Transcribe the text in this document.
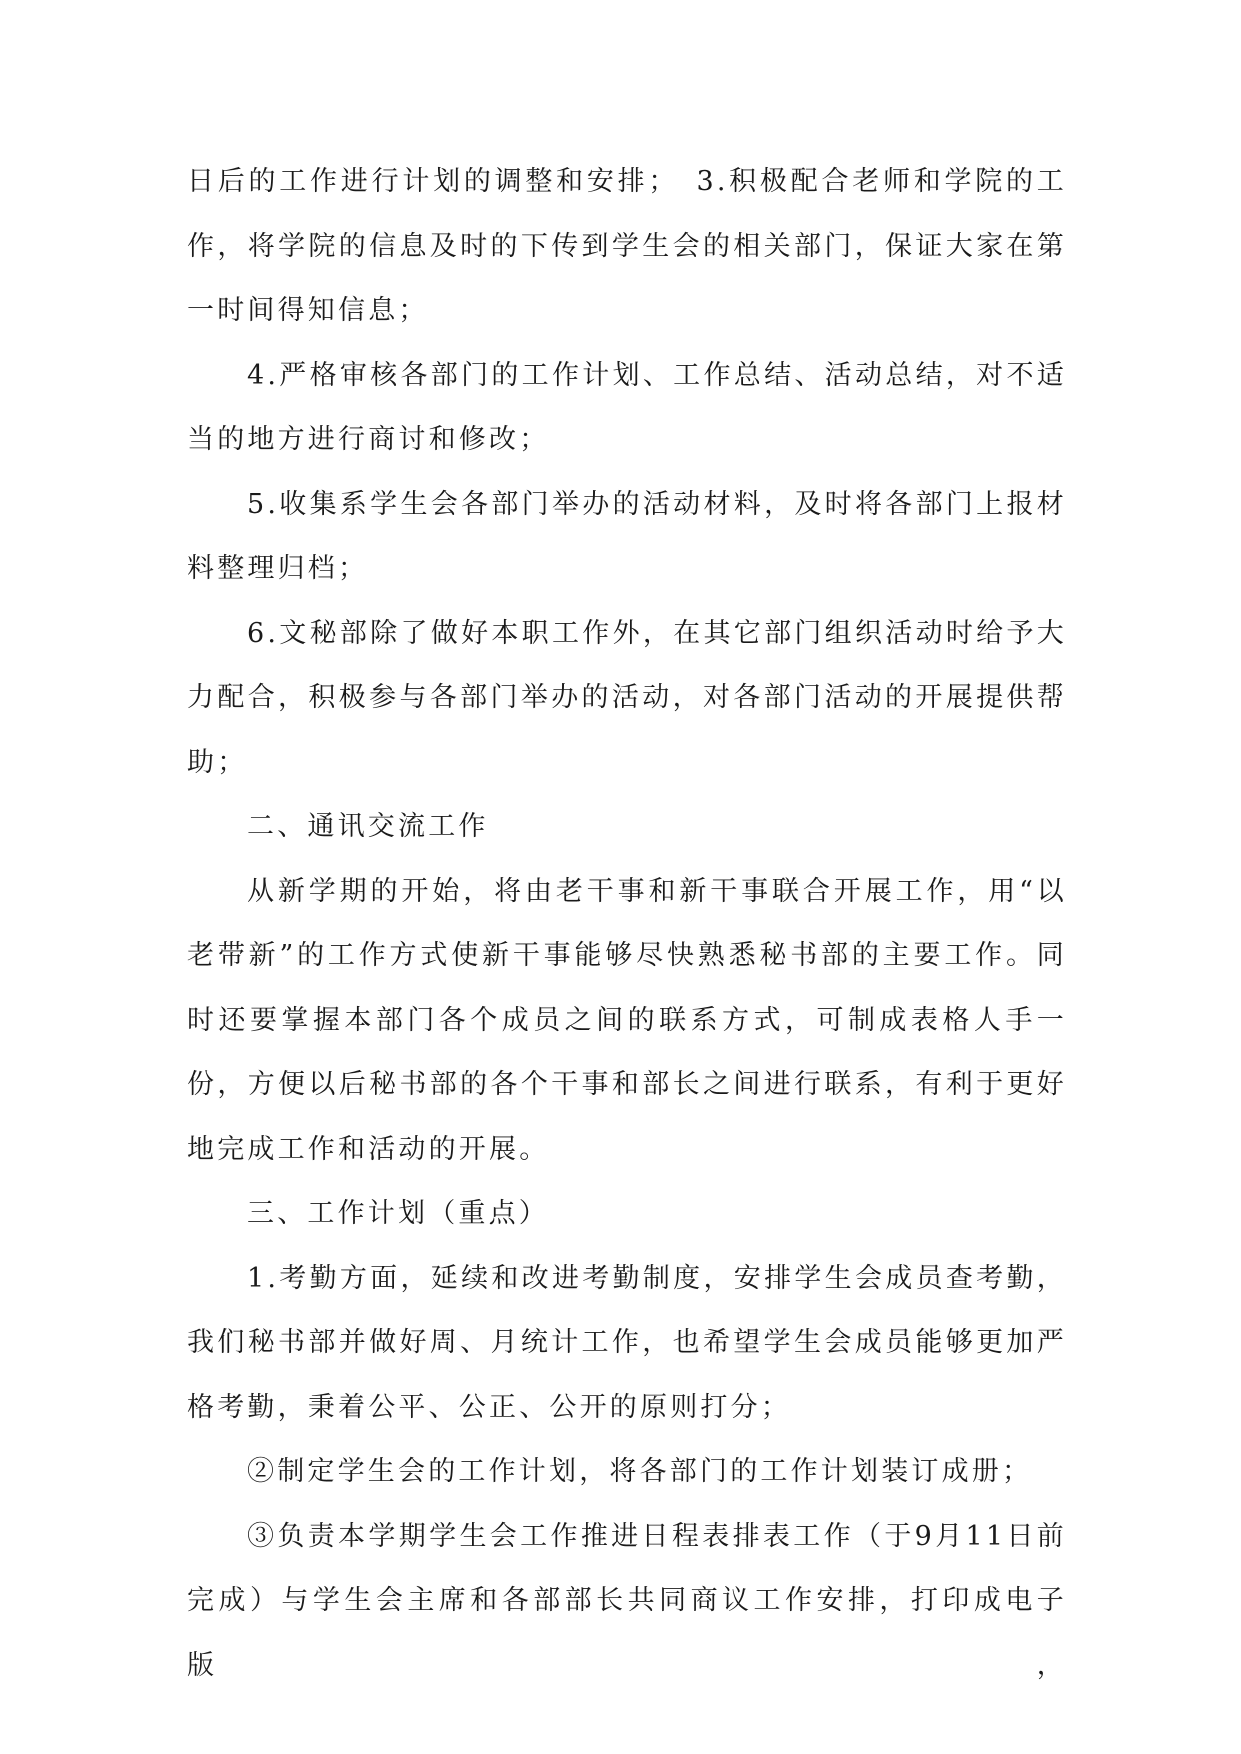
日后的工作进行计划的调整和安排；　3.积极配合老师和学院的工作，将学院的信息及时的下传到学生会的相关部门，保证大家在第一时间得知信息；

4.严格审核各部门的工作计划、工作总结、活动总结，对不适当的地方进行商讨和修改；

5.收集系学生会各部门举办的活动材料，及时将各部门上报材料整理归档；

6.文秘部除了做好本职工作外，在其它部门组织活动时给予大力配合，积极参与各部门举办的活动，对各部门活动的开展提供帮助；

二、通讯交流工作

从新学期的开始，将由老干事和新干事联合开展工作，用“以老带新”的工作方式使新干事能够尽快熟悉秘书部的主要工作。同时还要掌握本部门各个成员之间的联系方式，可制成表格人手一份，方便以后秘书部的各个干事和部长之间进行联系，有利于更好地完成工作和活动的开展。

三、工作计划（重点）

1.考勤方面，延续和改进考勤制度，安排学生会成员查考勤，我们秘书部并做好周、月统计工作，也希望学生会成员能够更加严格考勤，秉着公平、公正、公开的原则打分；

②制定学生会的工作计划，将各部门的工作计划装订成册；

③负责本学期学生会工作推进日程表排表工作（于9月11日前完成）与学生会主席和各部部长共同商议工作安排，打印成电子版，
